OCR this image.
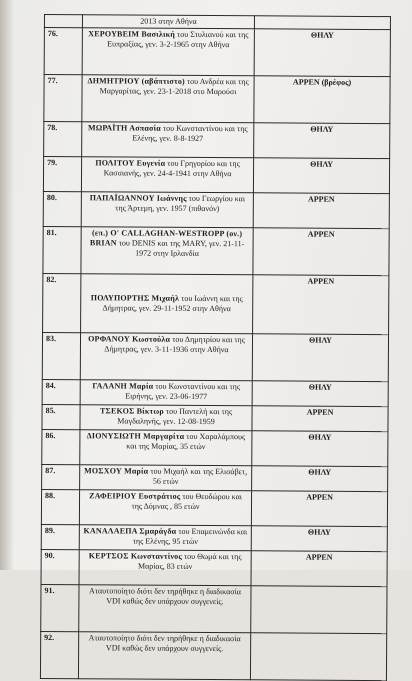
	2013 στην Αθήνα	
76.	ΧΕΡΟΥΒΕΙΜ Βασιλική του Στυλιανού και της Ευπραξίας, γεν. 3-2-1965 στην Αθήνα	ΘΗΛΥ
77.	ΔΗΜΗΤΡΙΟΥ (αβάπτιστο) του Ανδρέα και της Μαργαρίτας, γεν. 23-1-2018 στο Μαρούσι	ΑΡΡΕΝ (βρέφος)
78.	ΜΩΡΑΪΤΗ Ασπασία του Κωνσταντίνου και της Ελένης, γεν. 8-8-1927	ΘΗΛΥ
79.	ΠΟΛΙΤΟΥ Ευγενία του Γρηγορίου και της Κασσιανής, γεν. 24-4-1941 στην Αθήνα	ΘΗΛΥ
80.	ΠΑΠΑΪΩΑΝΝΟΥ Ιωάννης του Γεωργίου και της Άρτεμη, γεν. 1957 (πιθανόν)	ΑΡΡΕΝ
81.	(επ.) Ο' CALLAGHAN-WESTROPP (ον.) BRIAN του DENIS και της MARY, γεν. 21-11-1972 στην Ιρλανδία	ΑΡΡΕΝ
82.	ΠΟΛΥΠΟΡΤΗΣ Μιχαήλ του Ιωάννη και της Δήμητρας, γεν. 29-11-1952 στην Αθήνα	ΑΡΡΕΝ
83.	ΟΡΦΑΝΟΥ Κωστούλα του Δημητρίου και της Δήμητρας, γεν. 3-11-1936 στην Αθήνα	ΘΗΛΥ
84.	ΓΑΛΑΝΗ Μαρία του Κωνσταντίνου και της Ειρήνης, γεν. 23-06-1977	ΘΗΛΥ
85.	ΤΣΕΚΟΣ Βίκτωρ του Παντελή και της Μαγδαληνής, γεν. 12-08-1959	ΑΡΡΕΝ
86.	ΔΙΟΝΥΣΙΩΤΗ Μαργαρίτα του Χαραλάμπους και της Μαρίας, 35 ετών	ΘΗΛΥ
87.	ΜΟΣΧΟΥ Μαρία του Μιχαήλ και της Ελισάβετ, 56 ετών	ΘΗΛΥ
88.	ΖΑΦΕΙΡΙΟΥ Ευστράτιος του Θεοδώρου και της Δόμνας , 85 ετών	ΑΡΡΕΝ
89.	ΚΑΝΑΛΑΕΠΑ Σμαράγδα του Επαμεινώνδα και της Ελένης, 95 ετών	ΘΗΛΥ
90.	ΚΕΡΤΣΟΣ Κωνσταντίνος του Θωμά και της Μαρίας, 83 ετών	ΑΡΡΕΝ
91.	Αταυτοποίητο διότι δεν τηρήθηκε η διαδικασία VDI καθώς δεν υπάρχουν συγγενείς.	
92.	Αταυτοποίητο διότι δεν τηρήθηκε η διαδικασία VDI καθώς δεν υπάρχουν συγγενείς.	
